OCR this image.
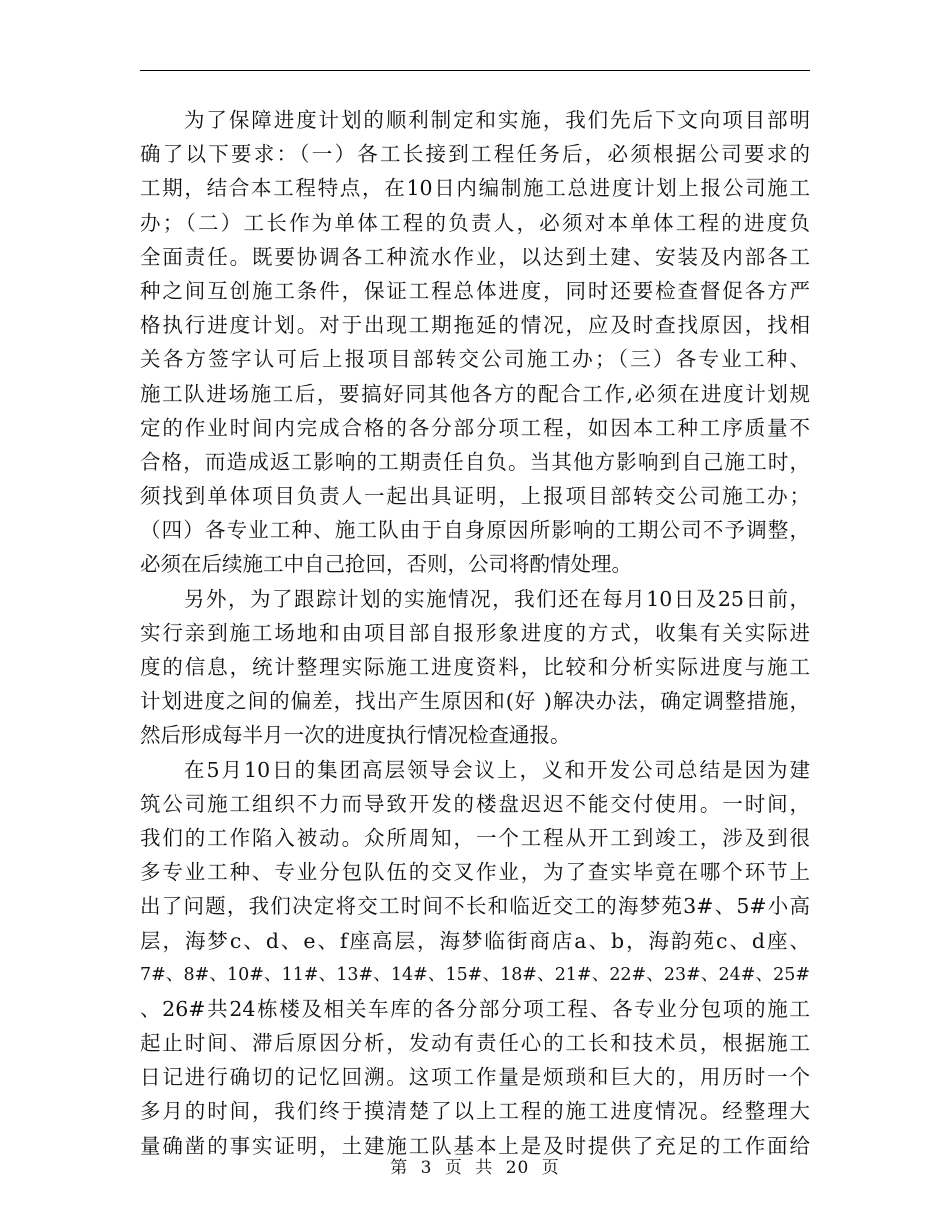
为了保障进度计划的顺利制定和实施，我们先后下文向项目部明
确了以下要求：（一）各工长接到工程任务后，必须根据公司要求的
工期，结合本工程特点，在10日内编制施工总进度计划上报公司施工
办；（二）工长作为单体工程的负责人，必须对本单体工程的进度负
全面责任。既要协调各工种流水作业，以达到土建、安装及内部各工
种之间互创施工条件，保证工程总体进度，同时还要检查督促各方严
格执行进度计划。对于出现工期拖延的情况，应及时查找原因，找相
关各方签字认可后上报项目部转交公司施工办；（三）各专业工种、
施工队进场施工后，要搞好同其他各方的配合工作,必须在进度计划规
定的作业时间内完成合格的各分部分项工程，如因本工种工序质量不
合格，而造成返工影响的工期责任自负。当其他方影响到自己施工时，
须找到单体项目负责人一起出具证明，上报项目部转交公司施工办；
（四）各专业工种、施工队由于自身原因所影响的工期公司不予调整，
必须在后续施工中自己抢回，否则，公司将酌情处理。
另外，为了跟踪计划的实施情况，我们还在每月10日及25日前，
实行亲到施工场地和由项目部自报形象进度的方式，收集有关实际进
度的信息，统计整理实际施工进度资料，比较和分析实际进度与施工
计划进度之间的偏差，找出产生原因和(好 )解决办法，确定调整措施，
然后形成每半月一次的进度执行情况检查通报。
在5月10日的集团高层领导会议上，义和开发公司总结是因为建
筑公司施工组织不力而导致开发的楼盘迟迟不能交付使用。一时间，
我们的工作陷入被动。众所周知，一个工程从开工到竣工，涉及到很
多专业工种、专业分包队伍的交叉作业，为了查实毕竟在哪个环节上
出了问题，我们决定将交工时间不长和临近交工的海梦苑3#、5#小高
层，海梦c、d、e、f座高层，海梦临街商店a、b，海韵苑c、d座、
7#、8#、10#、11#、13#、14#、15#、18#、21#、22#、23#、24#、25#
、26#共24栋楼及相关车库的各分部分项工程、各专业分包项的施工
起止时间、滞后原因分析，发动有责任心的工长和技术员，根据施工
日记进行确切的记忆回溯。这项工作量是烦琐和巨大的，用历时一个
多月的时间，我们终于摸清楚了以上工程的施工进度情况。经整理大
量确凿的事实证明，土建施工队基本上是及时提供了充足的工作面给
第 3 页 共 20 页
